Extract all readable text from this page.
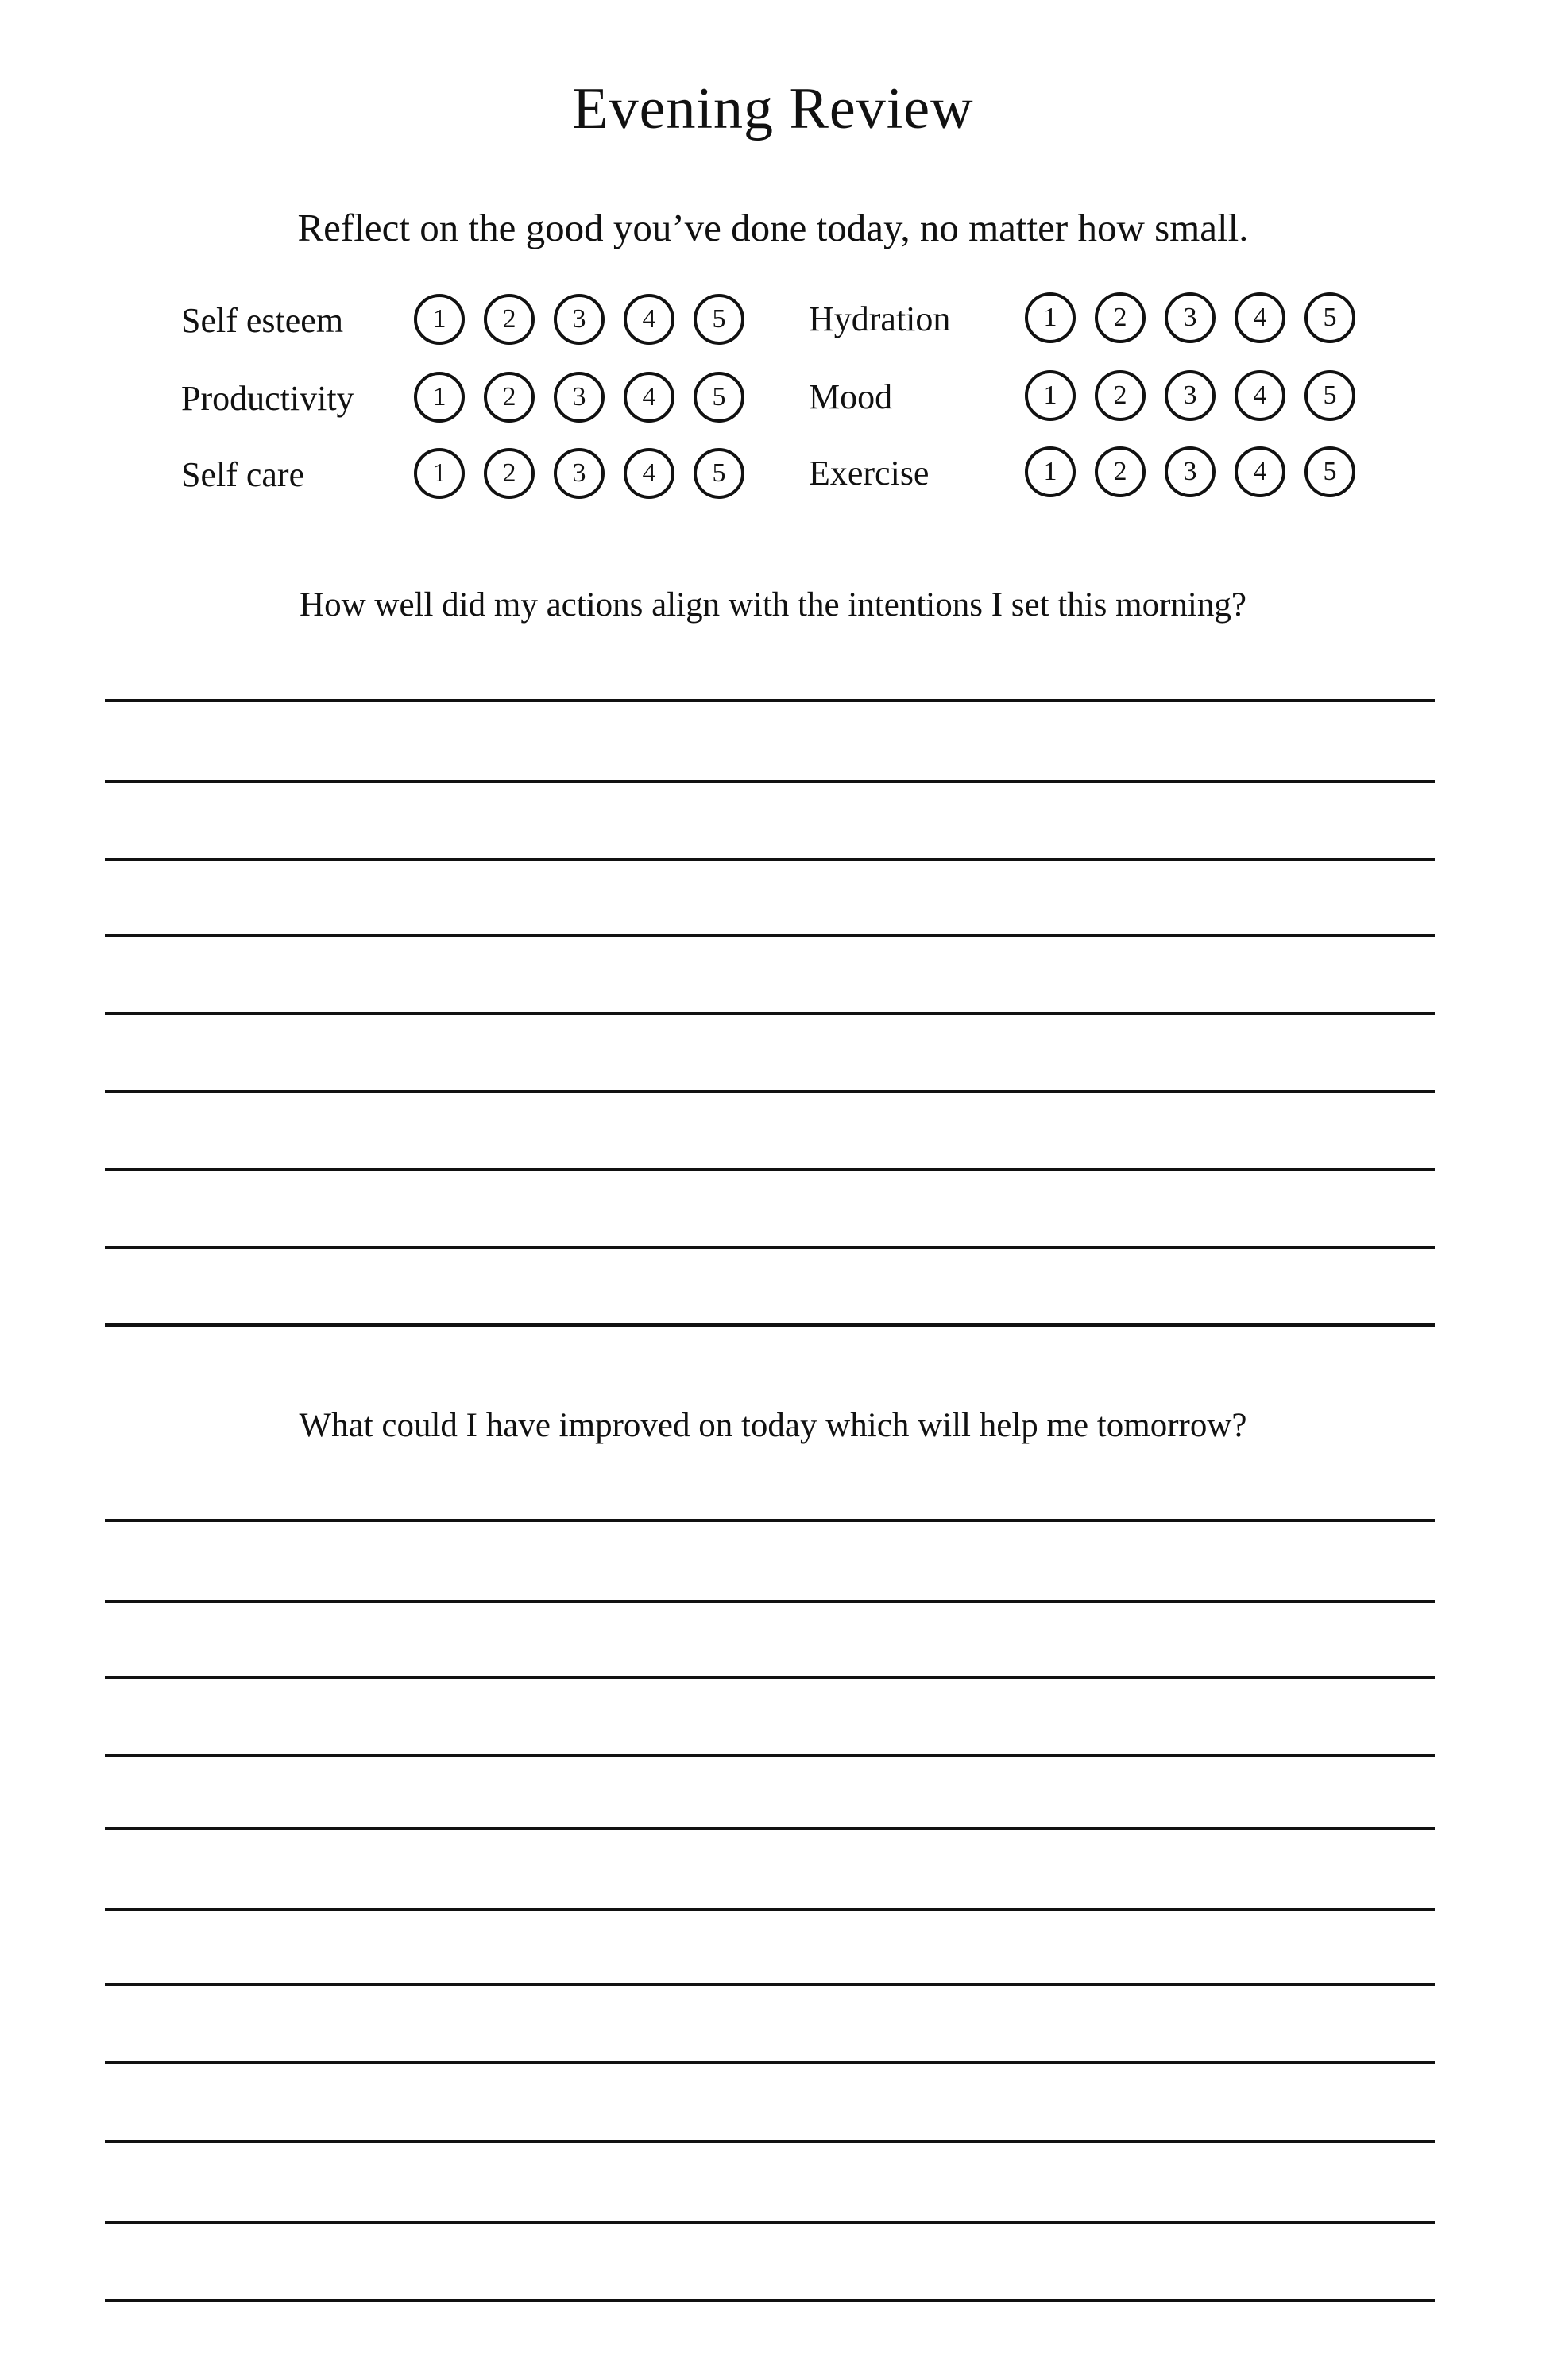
Evening Review

Reflect on the good you’ve done today, no matter how small.

Self esteem	1	2	3	4	5
Productivity	1	2	3	4	5
Self care	1	2	3	4	5
Hydration	1	2	3	4	5
Mood	1	2	3	4	5
Exercise	1	2	3	4	5

How well did my actions align with the intentions I set this morning?

What could I have improved on today which will help me tomorrow?
